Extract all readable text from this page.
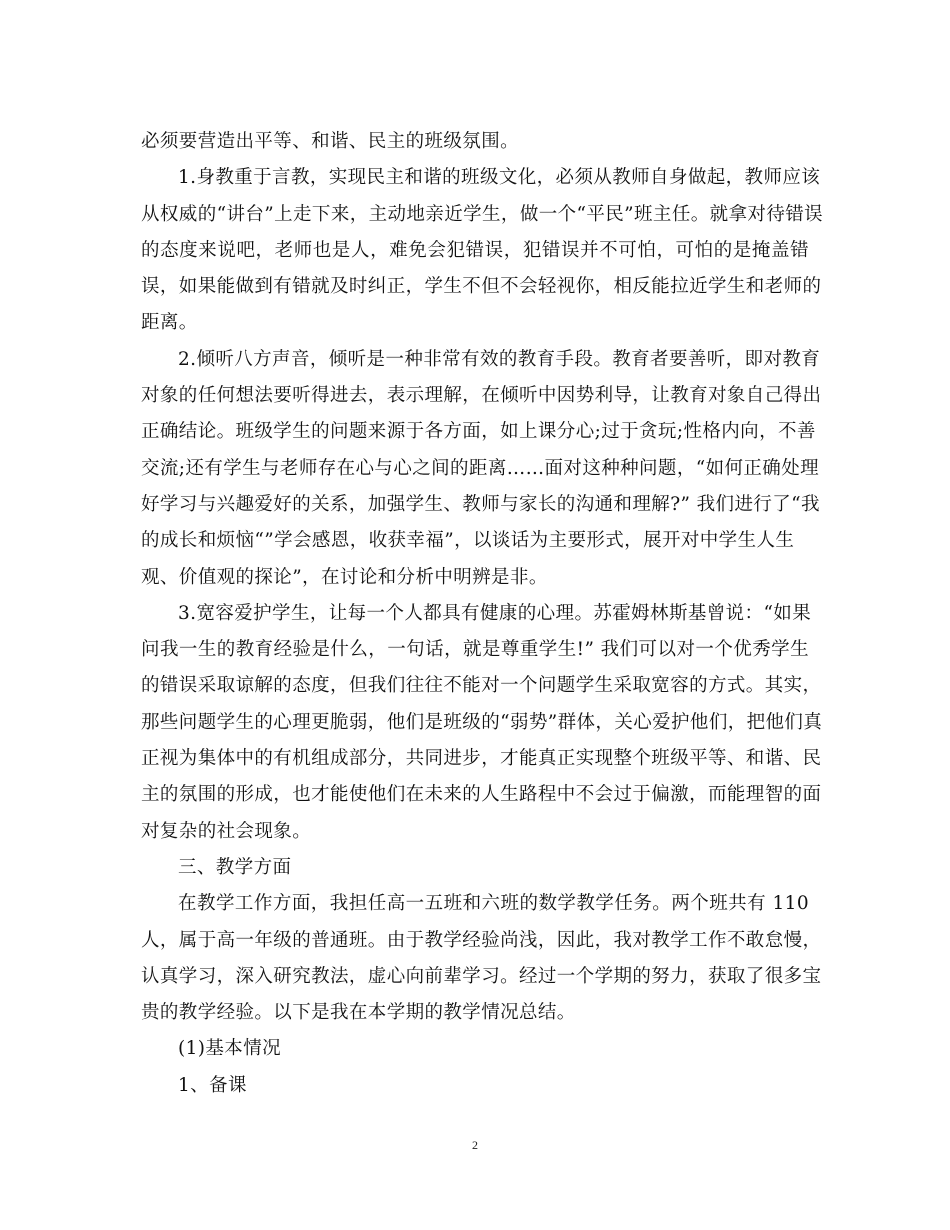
必须要营造出平等、和谐、民主的班级氛围。
1.身教重于言教，实现民主和谐的班级文化，必须从教师自身做起，教师应该
从权威的“讲台”上走下来，主动地亲近学生，做一个“平民”班主任。就拿对待错误
的态度来说吧，老师也是人，难免会犯错误，犯错误并不可怕，可怕的是掩盖错
误，如果能做到有错就及时纠正，学生不但不会轻视你，相反能拉近学生和老师的
距离。
2.倾听八方声音，倾听是一种非常有效的教育手段。教育者要善听，即对教育
对象的任何想法要听得进去，表示理解，在倾听中因势利导，让教育对象自己得出
正确结论。班级学生的问题来源于各方面，如上课分心;过于贪玩;性格内向，不善
交流;还有学生与老师存在心与心之间的距离……面对这种种问题，“如何正确处理
好学习与兴趣爱好的关系，加强学生、教师与家长的沟通和理解?” 我们进行了“我
的成长和烦恼“”学会感恩，收获幸福”，以谈话为主要形式，展开对中学生人生
观、价值观的探论”，在讨论和分析中明辨是非。
3.宽容爱护学生，让每一个人都具有健康的心理。苏霍姆林斯基曾说：“如果
问我一生的教育经验是什么，一句话，就是尊重学生!” 我们可以对一个优秀学生
的错误采取谅解的态度，但我们往往不能对一个问题学生采取宽容的方式。其实，
那些问题学生的心理更脆弱，他们是班级的“弱势”群体，关心爱护他们，把他们真
正视为集体中的有机组成部分，共同进步，才能真正实现整个班级平等、和谐、民
主的氛围的形成，也才能使他们在未来的人生路程中不会过于偏激，而能理智的面
对复杂的社会现象。
三、教学方面
在教学工作方面，我担任高一五班和六班的数学教学任务。两个班共有 110
人，属于高一年级的普通班。由于教学经验尚浅，因此，我对教学工作不敢怠慢，
认真学习，深入研究教法，虚心向前辈学习。经过一个学期的努力，获取了很多宝
贵的教学经验。以下是我在本学期的教学情况总结。
(1)基本情况
1、备课
2
